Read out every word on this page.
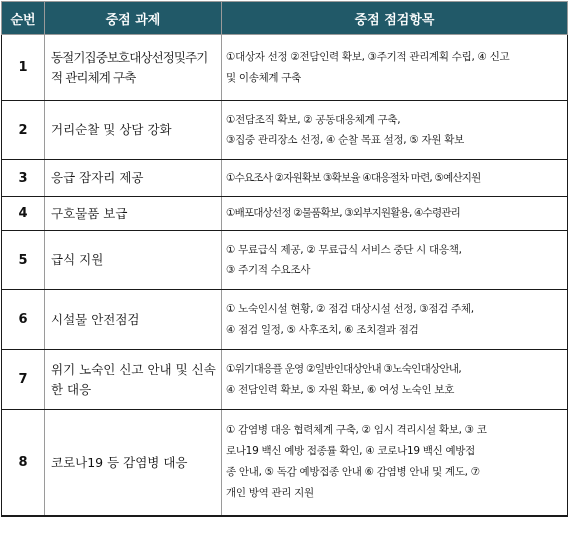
순번	중점 과제	중점 점검항목
1	동절기집중보호대상선정및주기적 관리체계 구축	①대상자 선정 ②전담인력 확보, ③주기적 관리계획 수립, ④ 신고
및 이송체계 구축

2	거리순찰 및 상담 강화	①전담조직 확보, ② 공동대응체계 구축,
③집중 관리장소 선정, ④ 순찰 목표 설정, ⑤ 자원 확보

3	응급 잠자리 제공	①수요조사 ②자원확보 ③확보율 ④대응절차 마련, ⑤예산지원

4	구호물품 보급	①배포대상선정 ②물품확보, ③외부지원활용, ④수령관리

5	급식 지원	① 무료급식 제공, ② 무료급식 서비스 중단 시 대응책,
③ 주기적 수요조사

6	시설물 안전점검	① 노숙인시설 현황, ② 점검 대상시설 선정, ③점검 주체,
④ 점검 일정, ⑤ 사후조치, ⑥ 조치결과 점검

7	위기 노숙인 신고 안내 및 신속한 대응	①위기대응플 운영 ②일반인대상안내 ③노숙인대상안내,
④ 전담인력 확보, ⑤ 자원 확보, ⑥ 여성 노숙인 보호

8	코로나19 등 감염병 대응	① 감염병 대응 협력체계 구축, ② 임시 격리시설 확보, ③ 코
로나19 백신 예방 접종률 확인, ④ 코로나19 백신 예방접
종 안내, ⑤ 독감 예방접종 안내 ⑥ 감염병 안내 및 계도, ⑦
개인 방역 관리 지원
